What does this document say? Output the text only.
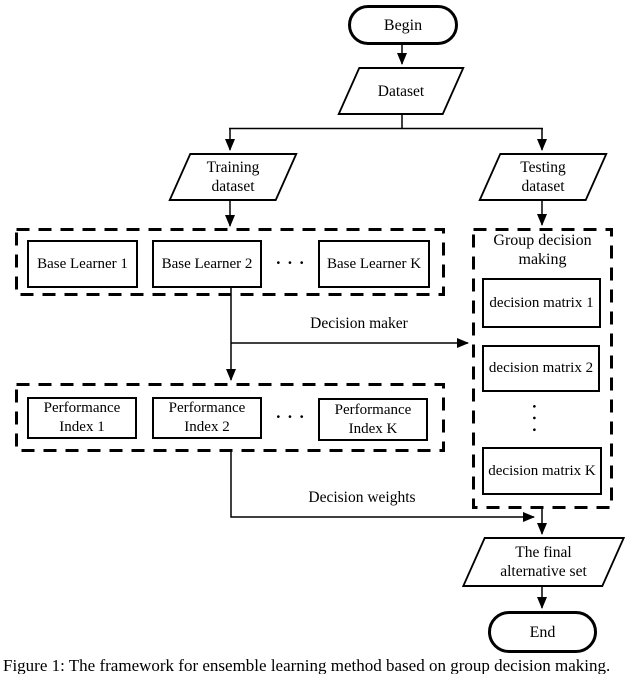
Begin
Dataset
Training dataset
Testing dataset
Base Learner 1 Base Learner 2	··· Base Learner K
Group decision making
decision matrix 1
decision matrix 2
···
decision matrix K
Decision maker
Decision weights
Performance Index 1
Performance Index 2
···	Performance Index K
The final alternative set
End
Figure 1: The framework for ensemble learning method based on group decision making.
